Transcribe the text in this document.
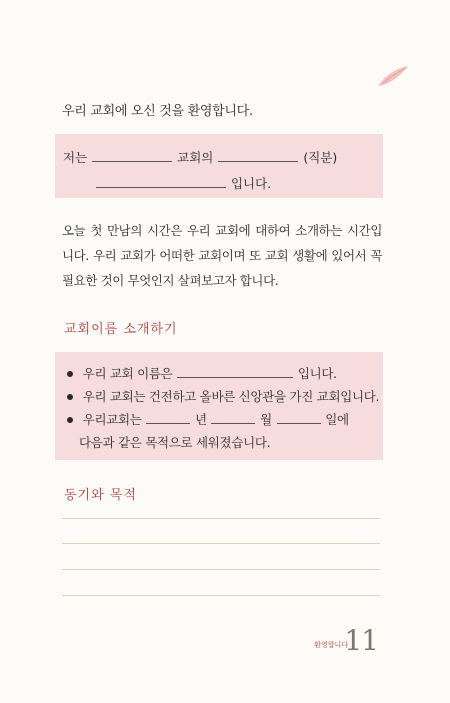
우리 교회에 오신 것을 환영합니다.
저는	교회의	(직분)
입니다.
오늘 첫 만남의 시간은 우리 교회에 대하여 소개하는 시간입니다. 우리 교회가 어떠한 교회이며 또 교회 생활에 있어서 꼭 필요한 것이 무엇인지 살펴보고자 합니다.
교회이름 소개하기
우리 교회 이름은	입니다.
우리 교회는 건전하고 올바른 신앙관을 가진 교회입니다.
우리교회는	년	월	일에
다음과 같은 목적으로 세워졌습니다.
동기와 목적
환영합니다
11
